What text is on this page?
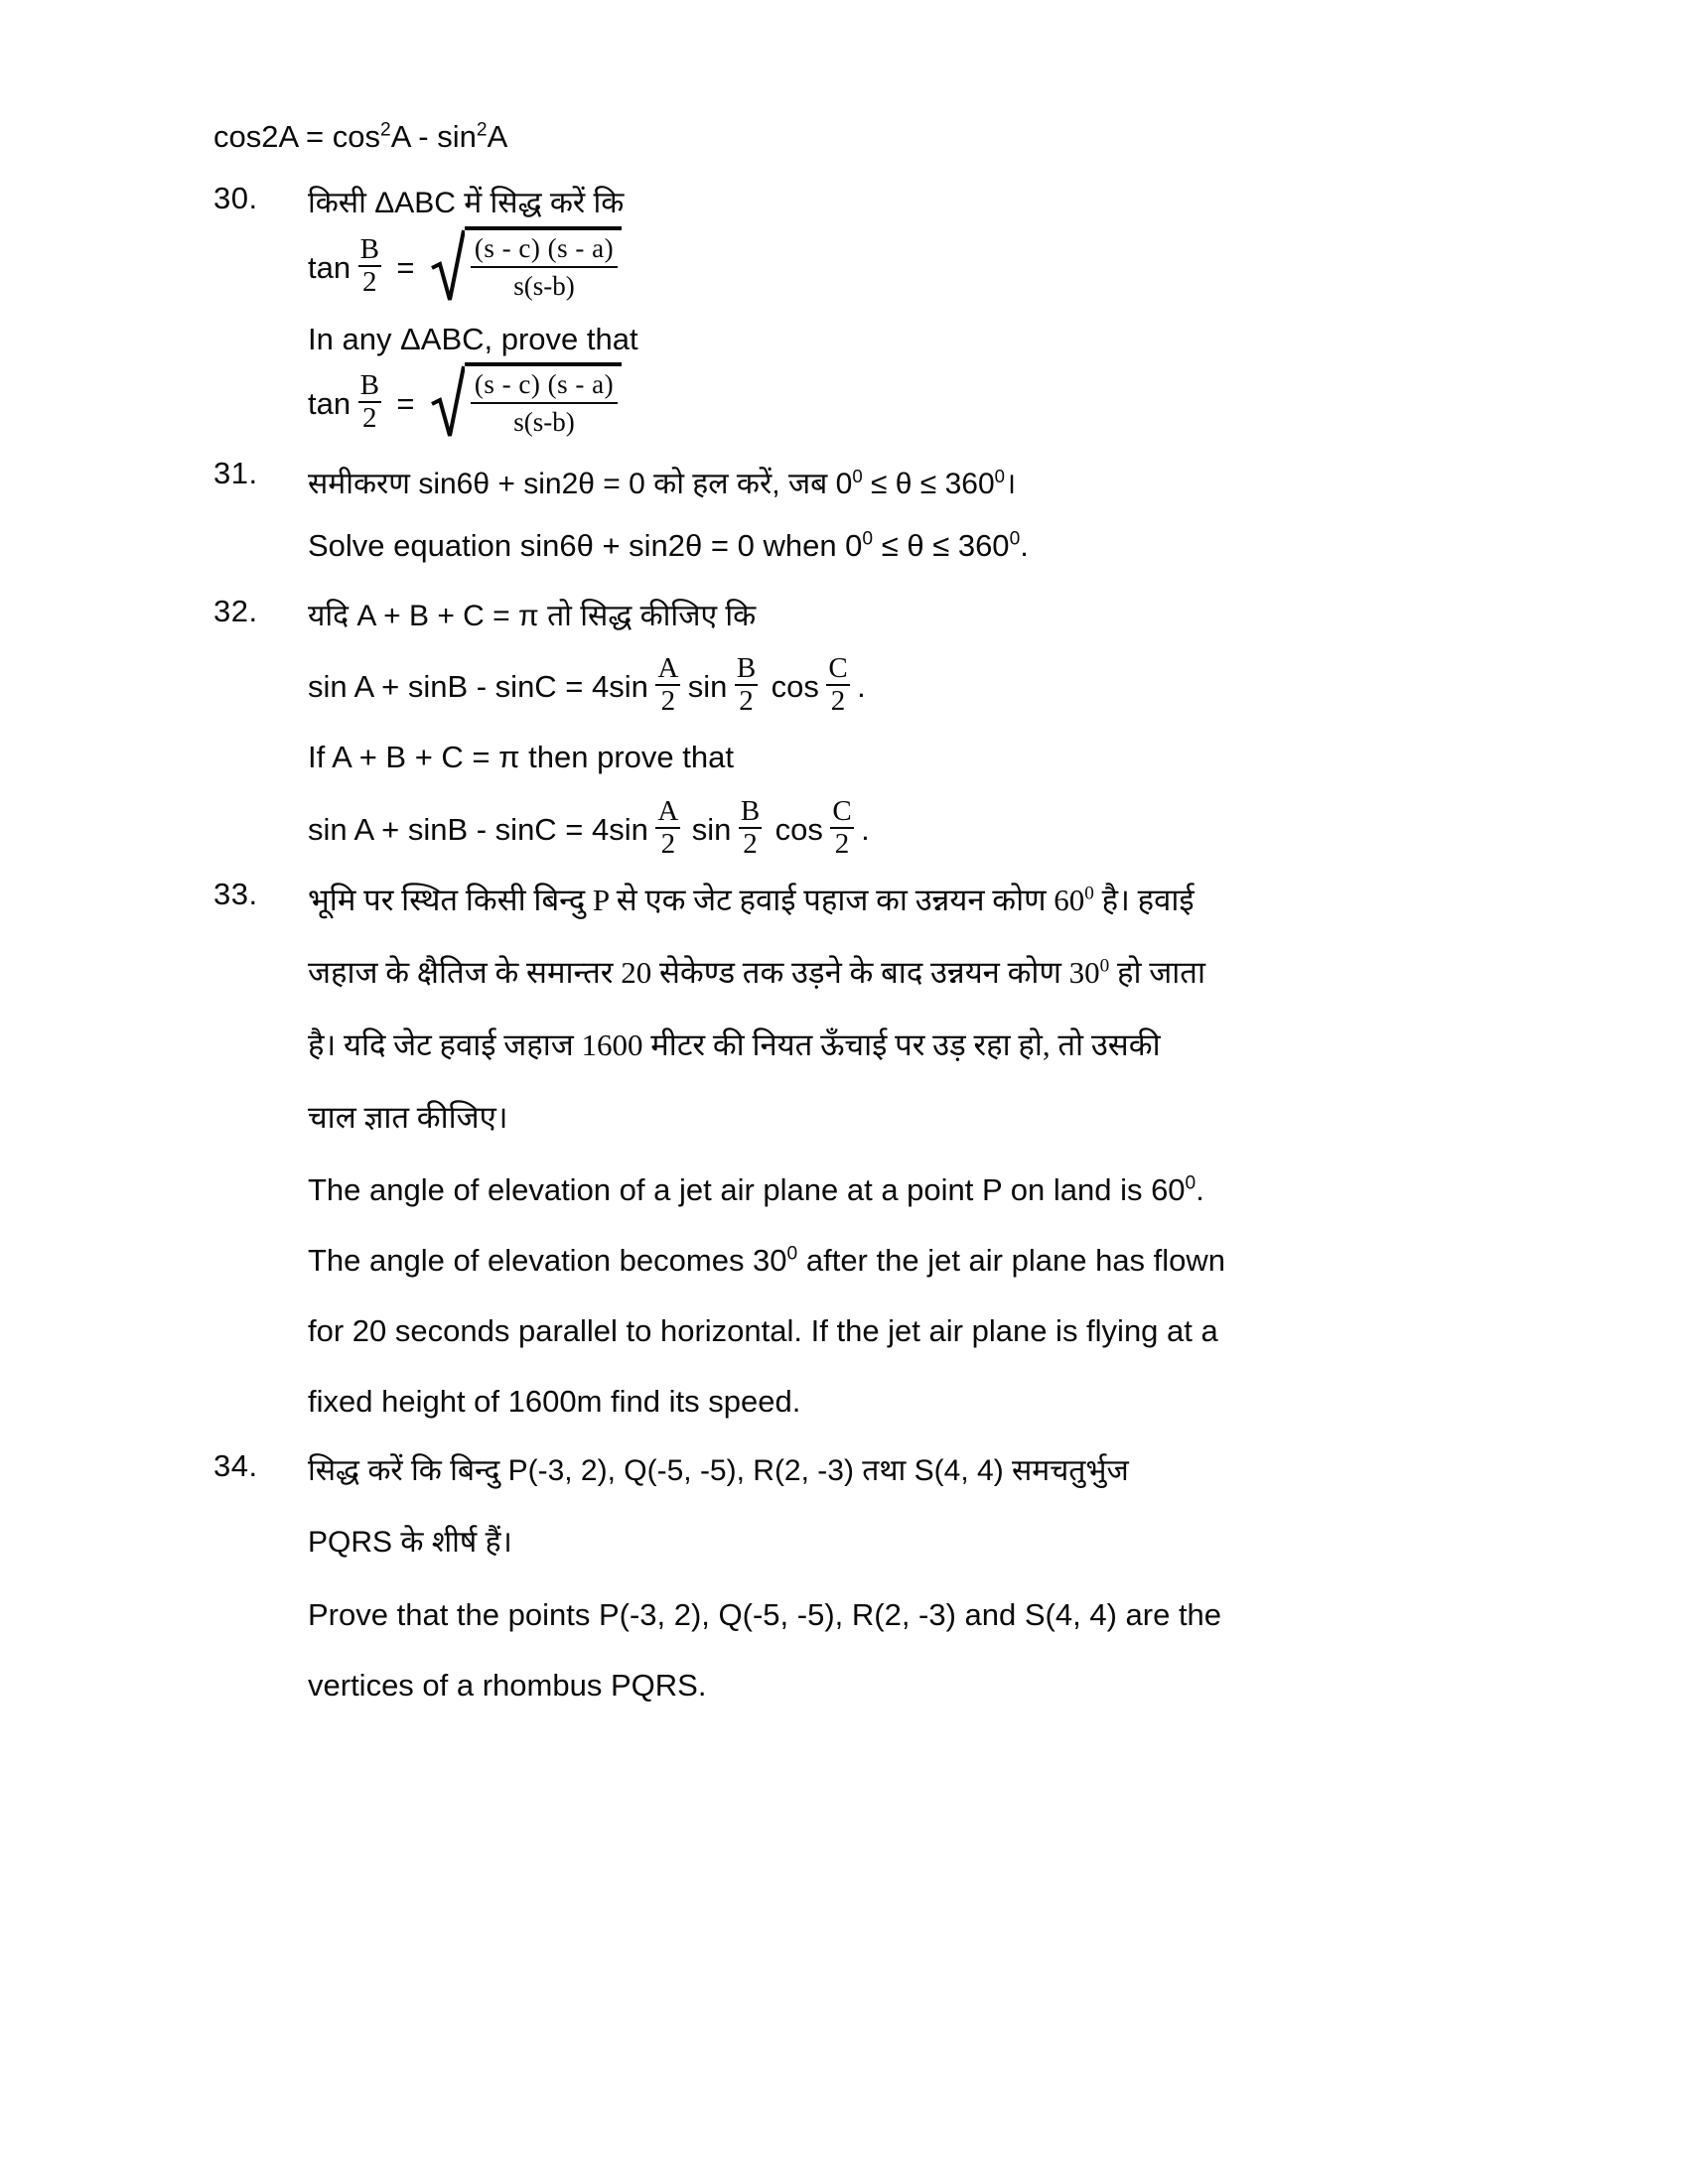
$\cos 2A = \cos^2A - \sin^2A$
30.	किसी ΔABC में सिद्ध करें कि
$\tan \frac{B}{2} = \frac{(s - c) (s - a)}{s(s-b)}$
In any ΔABC, prove that
$\tan \frac{B}{2} = \frac{(s - c) (s - a)}{s(s-b)}$
31.	समीकरण sin6θ + sin2θ = 0 को हल करें, जब $0^0 \le \theta$ ≤ $360^0।$
Solve equation sin6θ + sin2θ = 0 when $0^0 \le \theta \le 360^0$.
32.	यदि A + B + C = π तो सिद्ध कीजिए कि
$\sin A + \sin B - \sin C = 4\sin \frac{A}{2}$ $\sin \frac{B}{2}$ $\cos \frac{C}{2}$ .
If A + B + C = π then prove that
$\sin A + \sin B - \sin C = 4\sin \frac{A}{2}$ $\sin \frac{B}{2}$ $\cos \frac{C}{2}$ .
33.	भूमि पर स्थित किसी बिन्दु P से एक जेट हवाई पहाज का उन्नयन कोण $60^0$ है। हवाई
जहाज के क्षैतिज के समान्तर 20 सेकेण्ड तक उड़ने के बाद उन्नयन कोण $30^0$ हो जाता
है। यदि जेट हवाई जहाज 1600 मीटर की नियत ऊँचाई पर उड़ रहा हो, तो उसकी
चाल ज्ञात कीजिए।
The angle of elevation of a jet air plane at a point P on land is $60^0$.
The angle of elevation becomes $30^0$ after the jet air plane has flown
for 20 seconds parallel to horizontal. If the jet air plane is flying at a
fixed height of 1600m find its speed.
34.	सिद्ध करें कि बिन्दु P(-3, 2), Q(-5, -5), R(2, -3) तथा S(4, 4) समचतुर्भुज
PQRS के शीर्ष हैं।
Prove that the points P(-3, 2), Q(-5, -5), R(2, -3) and S(4, 4) are the
vertices of a rhombus PQRS.
